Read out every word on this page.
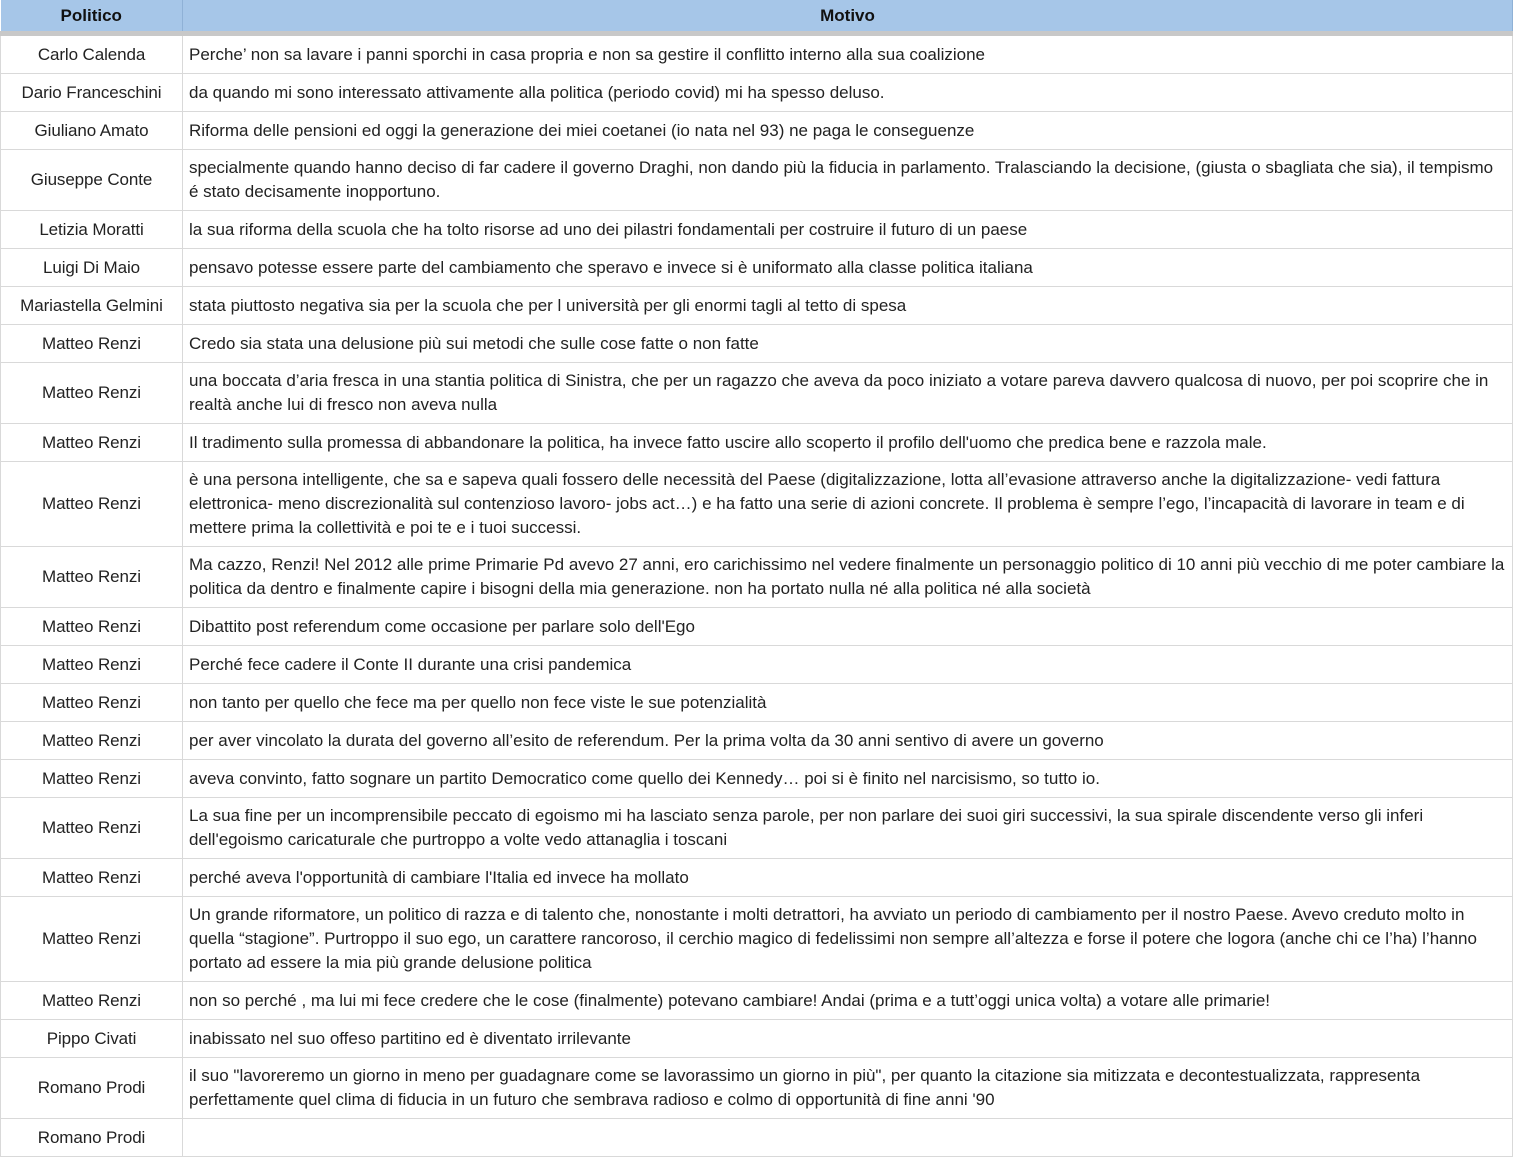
Politico	Motivo
Carlo Calenda	Perche’ non sa lavare i panni sporchi in casa propria e non sa gestire il conflitto interno alla sua coalizione
Dario Franceschini	da quando mi sono interessato attivamente alla politica (periodo covid) mi ha spesso deluso.
Giuliano Amato	Riforma delle pensioni ed oggi la generazione dei miei coetanei (io nata nel 93) ne paga le conseguenze
Giuseppe Conte	specialmente quando hanno deciso di far cadere il governo Draghi, non dando più la fiducia in parlamento. Tralasciando la decisione, (giusta o sbagliata che sia), il tempismo é stato decisamente inopportuno.
Letizia Moratti	la sua riforma della scuola che ha tolto risorse ad uno dei pilastri fondamentali per costruire il futuro di un paese
Luigi Di Maio	pensavo potesse essere parte del cambiamento che speravo e invece si è uniformato alla classe politica italiana
Mariastella Gelmini	stata piuttosto negativa sia per la scuola che per l università per gli enormi tagli al tetto di spesa
Matteo Renzi	Credo sia stata una delusione più sui metodi che sulle cose fatte o non fatte
Matteo Renzi	una boccata d’aria fresca in una stantia politica di Sinistra, che per un ragazzo che aveva da poco iniziato a votare pareva davvero qualcosa di nuovo, per poi scoprire che in realtà anche lui di fresco non aveva nulla
Matteo Renzi	Il tradimento sulla promessa di abbandonare la politica, ha invece fatto uscire allo scoperto il profilo dell'uomo che predica bene e razzola male.
Matteo Renzi	è una persona intelligente, che sa e sapeva quali fossero delle necessità del Paese (digitalizzazione, lotta all’evasione attraverso anche la digitalizzazione- vedi fattura elettronica- meno discrezionalità sul contenzioso lavoro- jobs act…) e ha fatto una serie di azioni concrete. Il problema è sempre l’ego, l’incapacità di lavorare in team e di mettere prima la collettività e poi te e i tuoi successi.
Matteo Renzi	Ma cazzo, Renzi! Nel 2012 alle prime Primarie Pd avevo 27 anni, ero carichissimo nel vedere finalmente un personaggio politico di 10 anni più vecchio di me poter cambiare la politica da dentro e finalmente capire i bisogni della mia generazione. non ha portato nulla né alla politica né alla società
Matteo Renzi	Dibattito post referendum come occasione per parlare solo dell'Ego
Matteo Renzi	Perché fece cadere il Conte II durante una crisi pandemica
Matteo Renzi	non tanto per quello che fece ma per quello non fece viste le sue potenzialità
Matteo Renzi	per aver vincolato la durata del governo all’esito de referendum. Per la prima volta da 30 anni sentivo di avere un governo
Matteo Renzi	aveva convinto, fatto sognare un partito Democratico come quello dei Kennedy… poi si è finito nel narcisismo, so tutto io.
Matteo Renzi	La sua fine per un incomprensibile peccato di egoismo mi ha lasciato senza parole, per non parlare dei suoi giri successivi, la sua spirale discendente verso gli inferi dell'egoismo caricaturale che purtroppo a volte vedo attanaglia i toscani
Matteo Renzi	perché aveva l'opportunità di cambiare l'Italia ed invece ha mollato
Matteo Renzi	Un grande riformatore, un politico di razza e di talento che, nonostante i molti detrattori, ha avviato un periodo di cambiamento per il nostro Paese. Avevo creduto molto in quella “stagione”. Purtroppo il suo ego, un carattere rancoroso, il cerchio magico di fedelissimi non sempre all’altezza e forse il potere che logora (anche chi ce l’ha) l’hanno portato ad essere la mia più grande delusione politica
Matteo Renzi	non so perché , ma lui mi fece credere che le cose (finalmente) potevano cambiare! Andai (prima e a tutt’oggi unica volta) a votare alle primarie!
Pippo Civati	inabissato nel suo offeso partitino ed è diventato irrilevante
Romano Prodi	il suo "lavoreremo un giorno in meno per guadagnare come se lavorassimo un giorno in più", per quanto la citazione sia mitizzata e decontestualizzata, rappresenta perfettamente quel clima di fiducia in un futuro che sembrava radioso e colmo di opportunità di fine anni '90
Romano Prodi	
